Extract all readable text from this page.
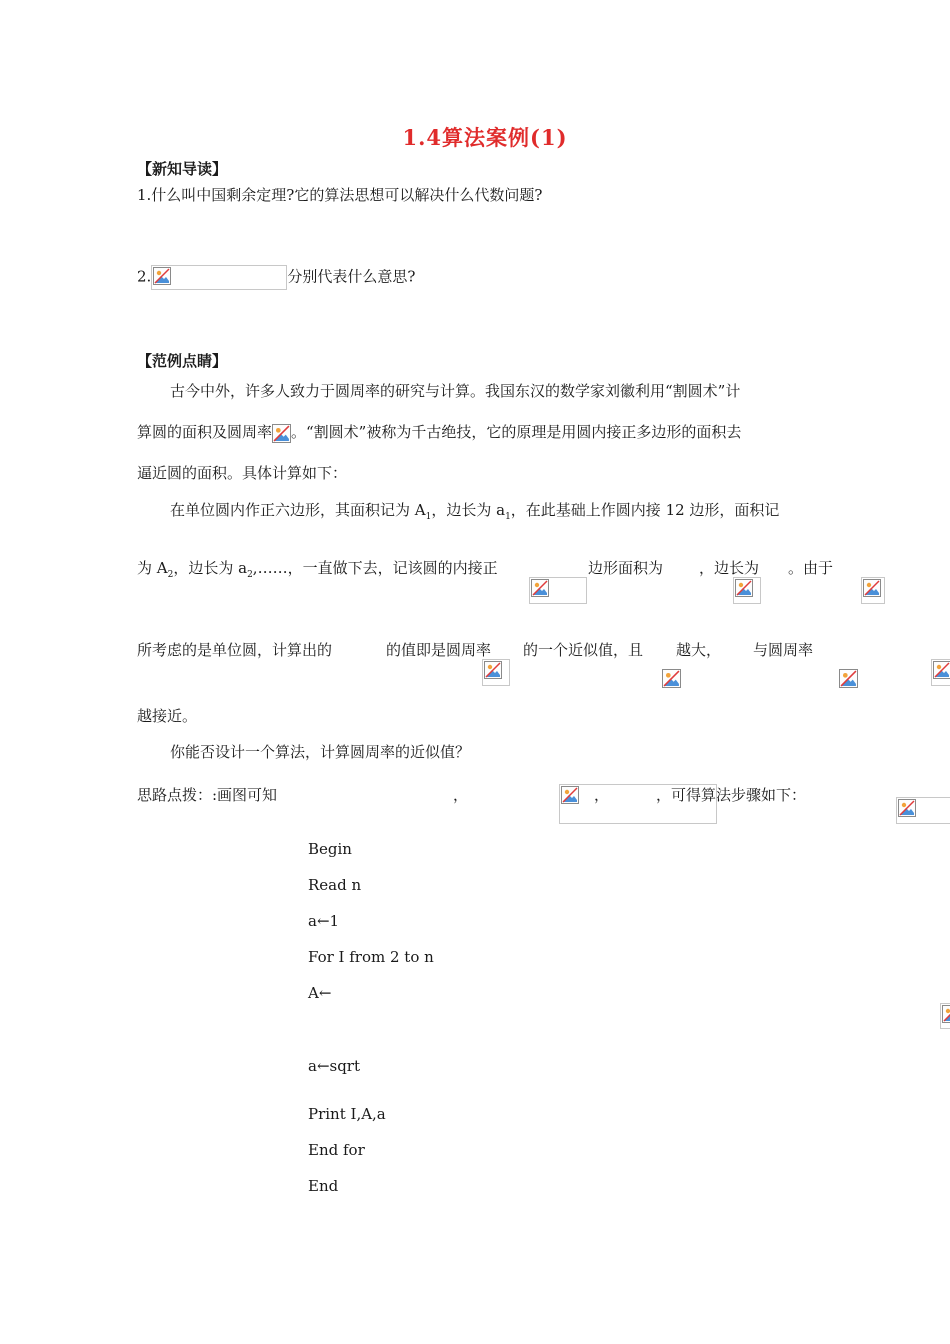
1.4算法案例(1)
【新知导读】
1.什么叫中国剩余定理?它的算法思想可以解决什么代数问题?
2.	分别代表什么意思?
【范例点睛】
古今中外，许多人致力于圆周率的研究与计算。我国东汉的数学家刘徽利用“割圆术”计
算圆的面积及圆周率 。“割圆术”被称为千古绝技，它的原理是用圆内接正多边形的面积去
逼近圆的面积。具体计算如下：
在单位圆内作正六边形，其面积记为 $A_1$，边长为 $a_1$，在此基础上作圆内接 12 边形，面积记
为 $A_2$，边长为 $a_2,\dots\dots$，一直做下去，记该圆的内接正
	边形面积为
，边长为
。由于
所考虑的是单位圆，计算出的
	的值即是圆周率
的一个近似值，且
越大，
与圆周率

越接近。
你能否设计一个算法，计算圆周率的近似值？
思路点拨：:画图可知
	，
	，
	，可得算法步骤如下：
Begin
Read n
a←1
For I from 2 to n
A←

a←sqrt
Print I,A,a
End for
End
